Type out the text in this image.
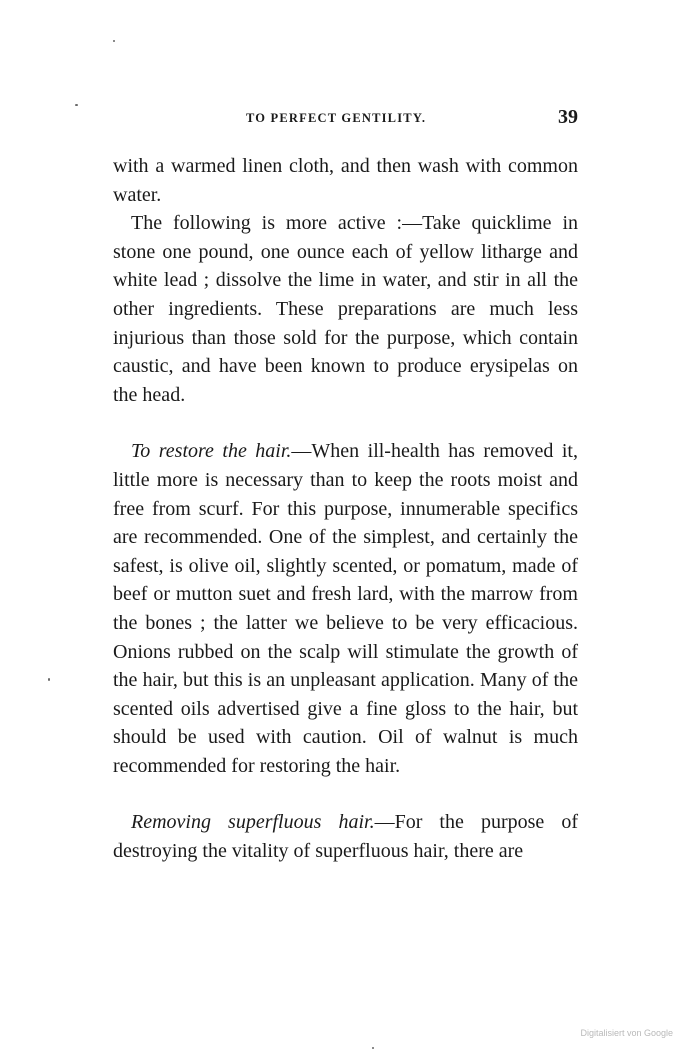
TO PERFECT GENTILITY.	39

with a warmed linen cloth, and then wash with common water.

The following is more active :—Take quicklime in stone one pound, one ounce each of yellow litharge and white lead ; dissolve the lime in water, and stir in all the other ingredients. These preparations are much less injurious than those sold for the purpose, which contain caustic, and have been known to produce erysipelas on the head.

To restore the hair.—When ill-health has removed it, little more is necessary than to keep the roots moist and free from scurf. For this purpose, innumerable specifics are recommended. One of the simplest, and certainly the safest, is olive oil, slightly scented, or pomatum, made of beef or mutton suet and fresh lard, with the marrow from the bones ; the latter we believe to be very efficacious. Onions rubbed on the scalp will stimulate the growth of the hair, but this is an unpleasant application. Many of the scented oils advertised give a fine gloss to the hair, but should be used with caution. Oil of walnut is much recommended for restoring the hair.

Removing superfluous hair.—For the purpose of destroying the vitality of superfluous hair, there are

Digitalisiert von Google
